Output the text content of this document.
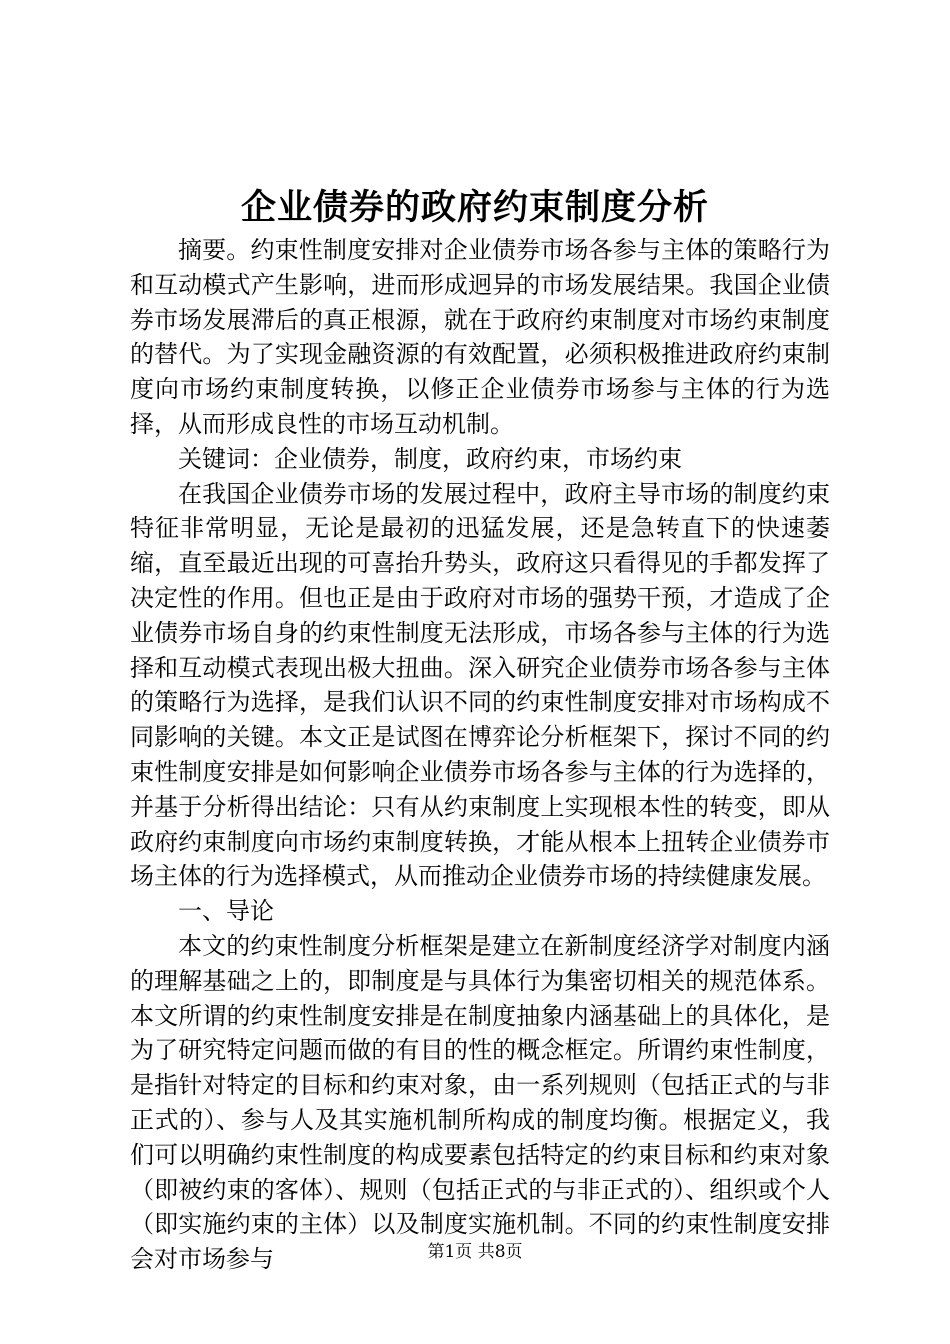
企业债券的政府约束制度分析

摘要。约束性制度安排对企业债券市场各参与主体的策略行为和互动模式产生影响，进而形成迥异的市场发展结果。我国企业债券市场发展滞后的真正根源，就在于政府约束制度对市场约束制度的替代。为了实现金融资源的有效配置，必须积极推进政府约束制度向市场约束制度转换，以修正企业债券市场参与主体的行为选择，从而形成良性的市场互动机制。

关键词：企业债券，制度，政府约束，市场约束

在我国企业债券市场的发展过程中，政府主导市场的制度约束特征非常明显，无论是最初的迅猛发展，还是急转直下的快速萎缩，直至最近出现的可喜抬升势头，政府这只看得见的手都发挥了决定性的作用。但也正是由于政府对市场的强势干预，才造成了企业债券市场自身的约束性制度无法形成，市场各参与主体的行为选择和互动模式表现出极大扭曲。深入研究企业债券市场各参与主体的策略行为选择，是我们认识不同的约束性制度安排对市场构成不同影响的关键。本文正是试图在博弈论分析框架下，探讨不同的约束性制度安排是如何影响企业债券市场各参与主体的行为选择的，并基于分析得出结论：只有从约束制度上实现根本性的转变，即从政府约束制度向市场约束制度转换，才能从根本上扭转企业债券市场主体的行为选择模式，从而推动企业债券市场的持续健康发展。

一、导论

本文的约束性制度分析框架是建立在新制度经济学对制度内涵的理解基础之上的，即制度是与具体行为集密切相关的规范体系。本文所谓的约束性制度安排是在制度抽象内涵基础上的具体化，是为了研究特定问题而做的有目的性的概念框定。所谓约束性制度，是指针对特定的目标和约束对象，由一系列规则（包括正式的与非正式的）、参与人及其实施机制所构成的制度均衡。根据定义，我们可以明确约束性制度的构成要素包括特定的约束目标和约束对象（即被约束的客体）、规则（包括正式的与非正式的）、组织或个人（即实施约束的主体）以及制度实施机制。不同的约束性制度安排会对市场参与	第1页 共8页
